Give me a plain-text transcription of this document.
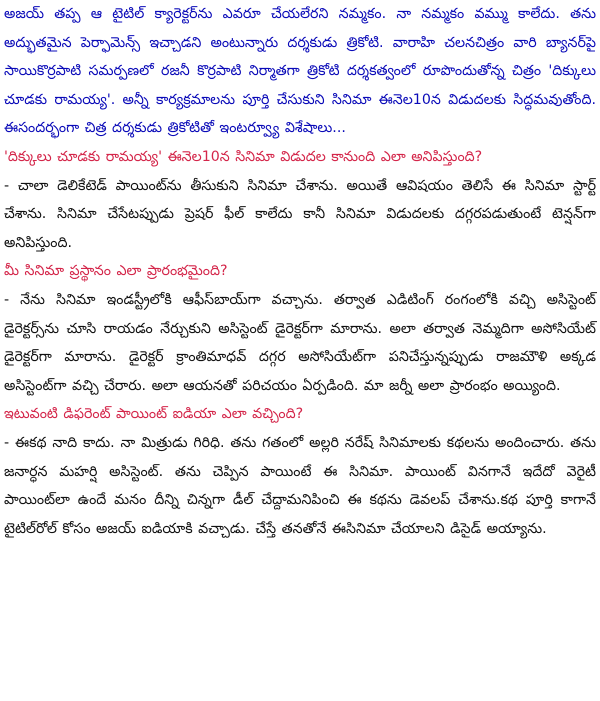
అజయ్ తప్ప ఆ టైటిల్ క్యారెక్టర్‌ను ఎవరూ చేయలేరని నమ్మకం. నా నమ్మకం వమ్ము కాలేదు. తను అద్భుతమైన పెర్ఫామెన్స్ ఇచ్చాడని అంటున్నారు దర్శకుడు త్రికోటి. వారాహి చలనచిత్రం వారి బ్యానర్‌పై సాయికొర్రపాటి సమర్పణలో రజనీ కొర్రపాటి నిర్మాతగా త్రికోటి దర్శకత్వంలో రూపొందుతోన్న చిత్రం 'దిక్కులు చూడకు రామయ్య'. అన్నీ కార్యక్రమాలను పూర్తి చేసుకుని సినిమా ఈనెల10న విడుదలకు సిద్ధమవుతోంది. ఈసందర్భంగా చిత్ర దర్శకుడు త్రికోటితో ఇంటర్వ్యూ విశేషాలు...

'దిక్కులు చూడకు రామయ్య' ఈనెల10న సినిమా విడుదల కానుంది ఎలా అనిపిస్తుంది?

- చాలా డెలికేటెడ్ పాయింట్‌ను తీసుకుని సినిమా చేశాను. అయితే ఆవిషయం తెలిసే ఈ సినిమా స్టార్ట్ చేశాను. సినిమా చేసేటప్పుడు ప్రెషర్ ఫీల్ కాలేదు కానీ సినిమా విడుదలకు దగ్గరపడుతుంటే టెన్షన్‌గా అనిపిస్తుంది.

మీ సినిమా ప్రస్థానం ఎలా ప్రారంభమైంది?

- నేను సినిమా ఇండస్ట్రీలోకి ఆఫీస్‌బాయ్‌గా వచ్చాను. తర్వాత ఎడిటింగ్ రంగంలోకి వచ్చి అసిస్టెంట్ డైరెక్టర్స్‌ను చూసి రాయడం నేర్చుకుని అసిస్టెంట్ డైరెక్టర్‌గా మారాను. అలా తర్వాత నెమ్మదిగా అసోసియేట్ డైరెక్టర్‌గా మారాను. డైరెక్టర్ క్రాంతిమాధవ్ దగ్గర అసోసియేట్‌గా పనిచేస్తున్నప్పుడు రాజమౌళి అక్కడ అసిస్టెంట్‌గా వచ్చి చేరారు. అలా ఆయనతో పరిచయం ఏర్పడింది. మా జర్నీ అలా ప్రారంభం అయ్యింది.

ఇటువంటి డిఫరెంట్ పాయింట్ ఐడియా ఎలా వచ్చింది?

- ఈకథ నాది కాదు. నా మిత్రుడు గిరిధి. తను గతంలో అల్లరి నరేష్ సినిమాలకు కథలను అందించారు. తను జనార్ధన మహర్షి అసిస్టెంట్. తను చెప్పిన పాయింటే ఈ సినిమా. పాయింట్ వినగానే ఇదేదో వెరైటీ పాయింట్‌లా ఉందే మనం దీన్ని చిన్నగా డీల్ చేద్దామనిపించి ఈ కథను డెవలప్ చేశాను.కథ పూర్తి కాగానే టైటిల్‌రోల్ కోసం అజయ్ ఐడియాకి వచ్చాడు. చేస్తే తనతోనే ఈసినిమా చేయాలని డిసైడ్ అయ్యాను.
